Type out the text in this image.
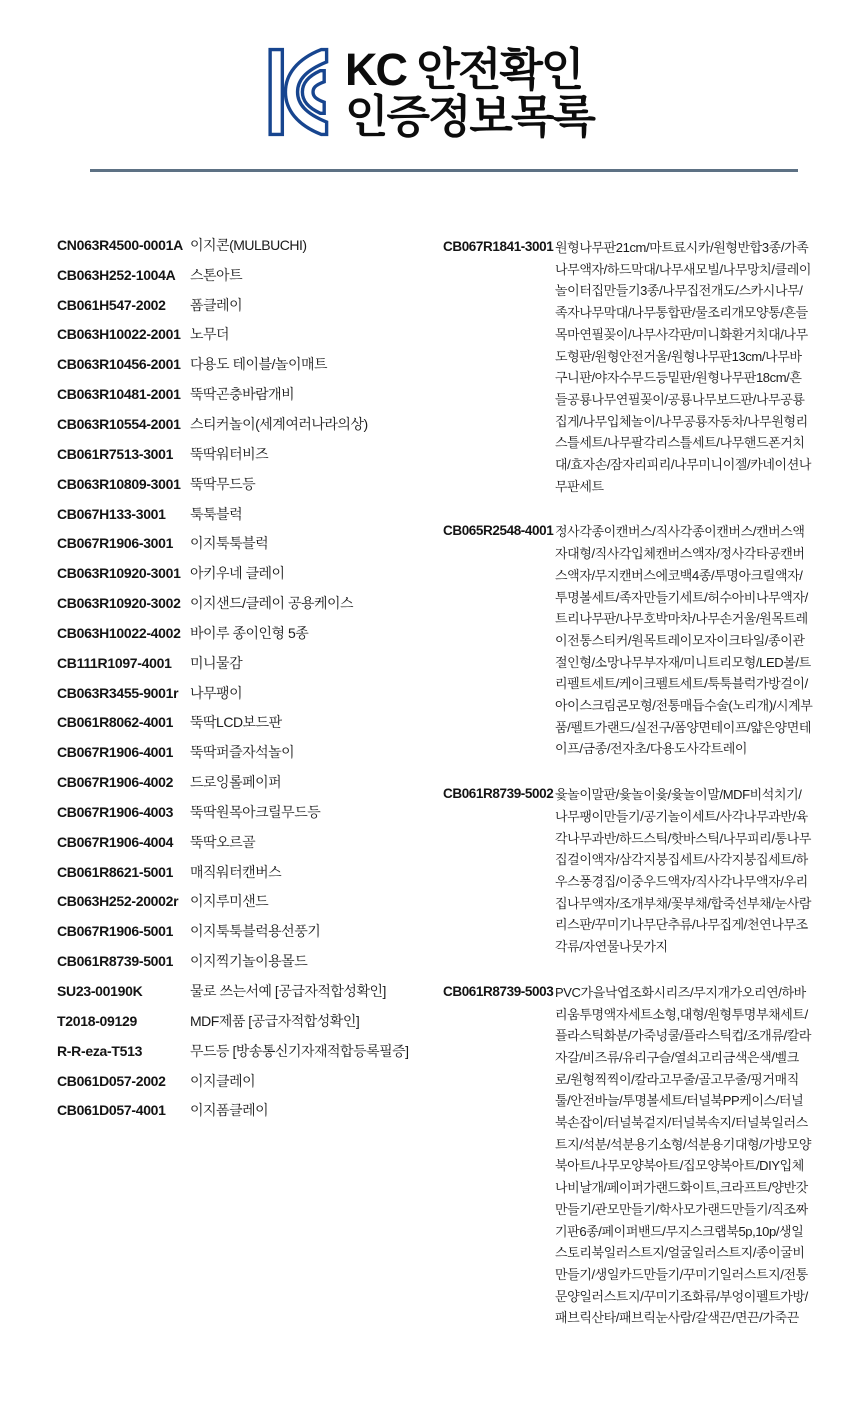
KC 안전확인
인증정보목록
CN063R4500-0001A 이지콘(MULBUCHI)
CB063H252-1004A	스톤아트
CB061H547-2002	폼클레이
CB063H10022-2001 노무더
CB063R10456-2001 다용도 테이블/놀이매트
CB063R10481-2001 뚝딱곤충바람개비
CB063R10554-2001 스티커놀이(세계여러나라의상)
CB061R7513-3001	뚝딱워터비즈
CB063R10809-3001 뚝딱무드등
CB067H133-3001	툭툭블럭
CB067R1906-3001	이지툭툭블럭
CB063R10920-3001 아키우네 클레이
CB063R10920-3002 이지샌드/클레이 공용케이스
CB063H10022-4002 바이루 종이인형 5종
CB111R1097-4001	미니물감
CB063R3455-9001r 나무팽이
CB061R8062-4001	뚝딱LCD보드판
CB067R1906-4001	뚝딱퍼즐자석놀이
CB067R1906-4002	드로잉롤페이퍼
CB067R1906-4003	뚝딱원목아크릴무드등
CB067R1906-4004	뚝딱오르골
CB061R8621-5001	매직워터캔버스
CB063H252-20002r 이지루미샌드
CB067R1906-5001	이지툭툭블럭용선풍기
CB061R8739-5001	이지찍기놀이용몰드
SU23-00190K	물로 쓰는서예 [공급자적합성확인]
T2018-09129	MDF제품 [공급자적합성확인]
R-R-eza-T513	무드등 [방송통신기자재적합등록필증]
CB061D057-2002	이지클레이
CB061D057-4001	이지폼클레이
CB067R1841-3001 원형나무판21cm/마트료시카/원형반합3종/가족나무액자/하드막대/나무새모빌/나무망치/클레이놀이터집만들기3종/나무집전개도/스카시나무/족자나무막대/나무통합판/물조리개모양통/흔들목마연필꽂이/나무사각판/미니화환거치대/나무도형판/원형안전거울/원형나무판13cm/나무바구니판/야자수무드등밑판/원형나무판18cm/흔들공룡나무연필꽂이/공룡나무보드판/나무공룡집게/나무입체놀이/나무공룡자동차/나무원형리스틀세트/나무팔각리스틀세트/나무핸드폰거치대/효자손/잠자리피리/나무미니이젤/카네이션나무판세트
CB065R2548-4001 정사각종이캔버스/직사각종이캔버스/캔버스액자대형/직사각입체캔버스액자/정사각타공캔버스액자/무지캔버스에코백4종/투명아크릴액자/투명볼세트/족자만들기세트/허수아비나무액자/트리나무판/나무호박마차/나무손거울/원목트레이전통스티커/원목트레이모자이크타일/종이관절인형/소망나무부자재/미니트리모형/LED볼/트리펠트세트/케이크펠트세트/툭툭블럭가방걸이/아이스크림콘모형/전통매듭수술(노리개)/시계부품/펠트가랜드/실전구/폼양면테이프/얇은양면테이프/금종/전자초/다용도사각트레이
CB061R8739-5002 윷놀이말판/윷놀이윷/윷놀이말/MDF비석치기/나무팽이만들기/공기놀이세트/사각나무과반/육각나무과반/하드스틱/핫바스틱/나무피리/통나무집걸이액자/삼각지붕집세트/사각지붕집세트/하우스풍경집/이중우드액자/직사각나무액자/우리집나무액자/조개부채/꽃부채/합죽선부채/눈사람리스판/꾸미기나무단추류/나무집게/천연나무조각류/자연물나뭇가지
CB061R8739-5003 PVC가을낙엽조화시리즈/무지개가오리연/하바리움투명액자세트소형,대형/원형투명부채세트/플라스틱화분/가죽넝쿨/플라스틱컵/조개류/칼라자갈/비즈류/유리구슬/열쇠고리금색은색/벨크로/원형찍찍이/칼라고무줄/골고무줄/핑거매직툴/안전바늘/투명볼세트/터널북PP케이스/터널북손잡이/터널북겉지/터널북속지/터널북일러스트지/석분/석분용기소형/석분용기대형/가방모양북아트/나무모양북아트/집모양북아트/DIY입체나비날개/페이퍼가랜드화이트,크라프트/양반갓만들기/관모만들기/학사모가랜드만들기/직조짜기판6종/페이퍼밴드/무지스크랩북5p,10p/생일스토리북일러스트지/얼굴일러스트지/종이굴비만들기/생일카드만들기/꾸미기일러스트지/전통문양일러스트지/꾸미기조화류/부엉이펠트가방/패브릭산타/패브릭눈사람/갈색끈/면끈/가죽끈
